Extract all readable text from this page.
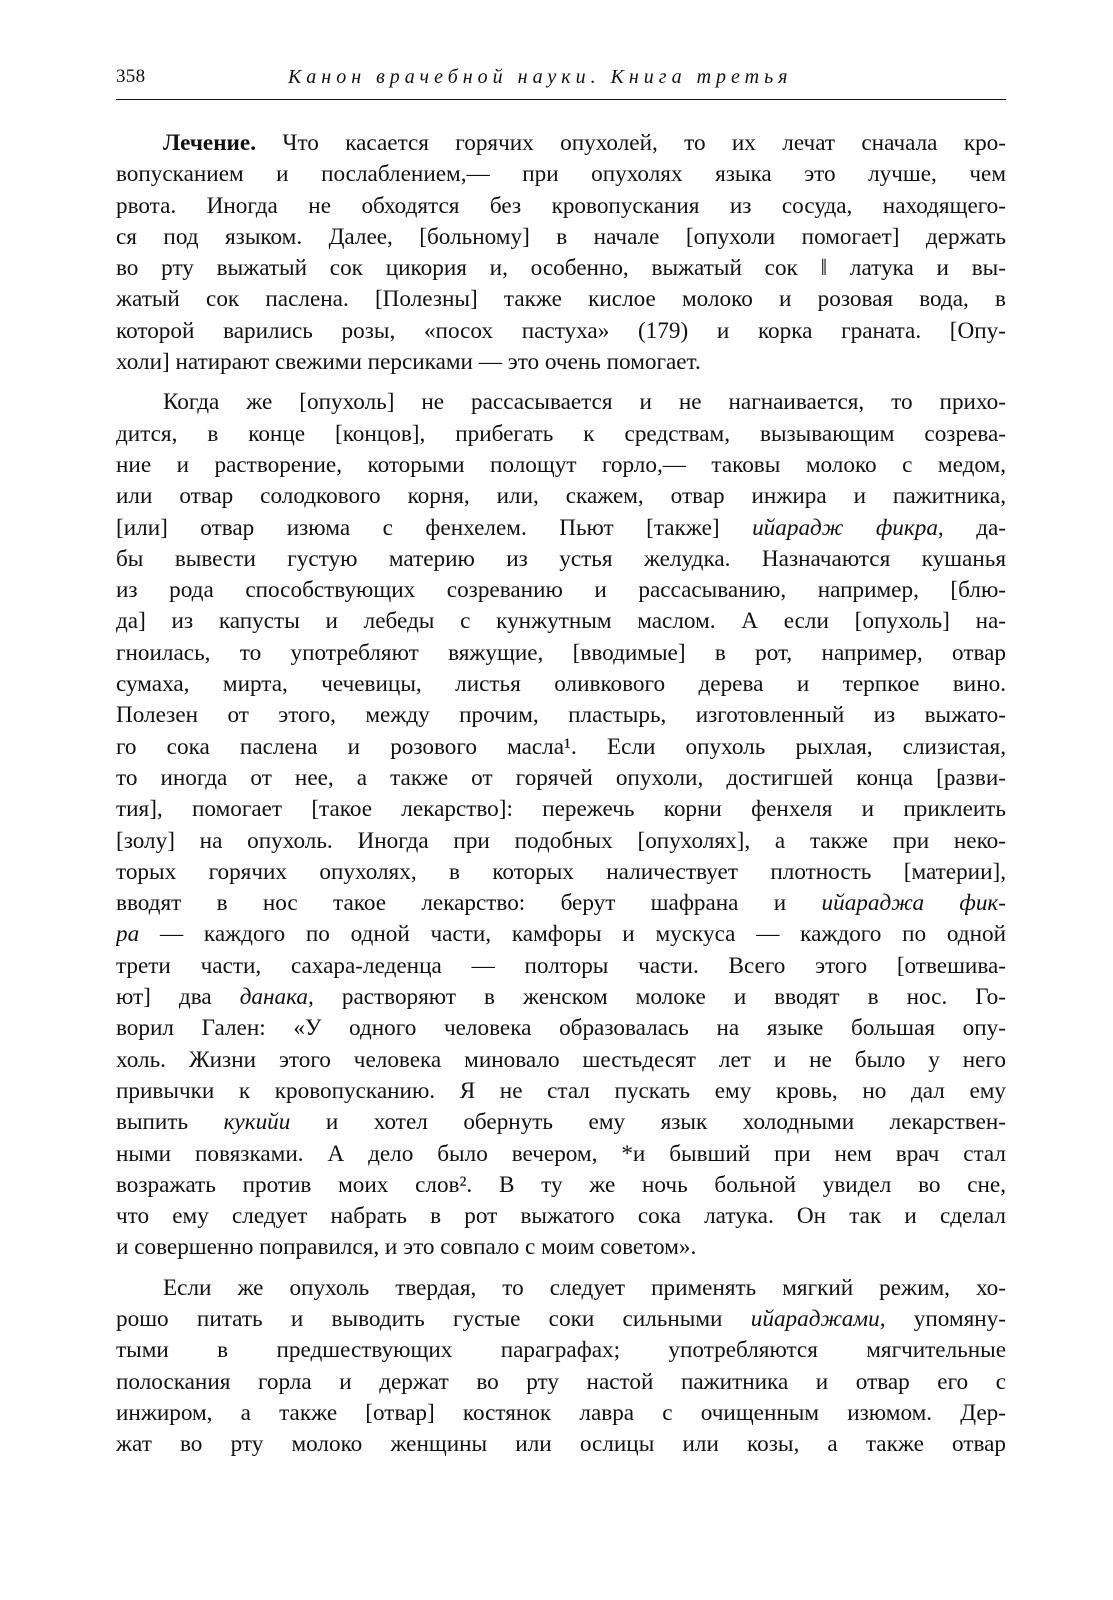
358	Канон врачебной науки. Книга третья
Лечение. Что касается горячих опухолей, то их лечат сначала кро-
вопусканием и послаблением,— при опухолях языка это лучше, чем
рвота. Иногда не обходятся без кровопускания из сосуда, находящего-
ся под языком. Далее, [больному] в начале [опухоли помогает] держать
во рту выжатый сок цикория и, особенно, выжатый сок ‖ латука и вы-
жатый сок паслена. [Полезны] также кислое молоко и розовая вода, в
которой варились розы, «посох пастуха» (179) и корка граната. [Опу-
холи] натирают свежими персиками — это очень помогает.
Когда же [опухоль] не рассасывается и не нагнаивается, то прихо-
дится, в конце [концов], прибегать к средствам, вызывающим созрева-
ние и растворение, которыми полощут горло,— таковы молоко с медом,
или отвар солодкового корня, или, скажем, отвар инжира и пажитника,
[или] отвар изюма с фенхелем. Пьют [также] ийарадж фикра, да-
бы вывести густую материю из устья желудка. Назначаются кушанья
из рода способствующих созреванию и рассасыванию, например, [блю-
да] из капусты и лебеды с кунжутным маслом. А если [опухоль] на-
гноилась, то употребляют вяжущие, [вводимые] в рот, например, отвар
сумаха, мирта, чечевицы, листья оливкового дерева и терпкое вино.
Полезен от этого, между прочим, пластырь, изготовленный из выжато-
го сока паслена и розового масла¹. Если опухоль рыхлая, слизистая,
то иногда от нее, а также от горячей опухоли, достигшей конца [разви-
тия], помогает [такое лекарство]: пережечь корни фенхеля и приклеить
[золу] на опухоль. Иногда при подобных [опухолях], а также при неко-
торых горячих опухолях, в которых наличествует плотность [материи],
вводят в нос такое лекарство: берут шафрана и ийараджа фик-
ра — каждого по одной части, камфоры и мускуса — каждого по одной
трети части, сахара-леденца — полторы части. Всего этого [отвешива-
ют] два данака, растворяют в женском молоке и вводят в нос. Го-
ворил Гален: «У одного человека образовалась на языке большая опу-
холь. Жизни этого человека миновало шестьдесят лет и не было у него
привычки к кровопусканию. Я не стал пускать ему кровь, но дал ему
выпить кукийи и хотел обернуть ему язык холодными лекарствен-
ными повязками. А дело было вечером, *и бывший при нем врач стал
возражать против моих слов². В ту же ночь больной увидел во сне,
что ему следует набрать в рот выжатого сока латука. Он так и сделал
и совершенно поправился, и это совпало с моим советом».
Если же опухоль твердая, то следует применять мягкий режим, хо-
рошо питать и выводить густые соки сильными ийараджами, упомяну-
тыми в предшествующих параграфах; употребляются мягчительные
полоскания горла и держат во рту настой пажитника и отвар его с
инжиром, а также [отвар] костянок лавра с очищенным изюмом. Дер-
жат во рту молоко женщины или ослицы или козы, а также отвар
